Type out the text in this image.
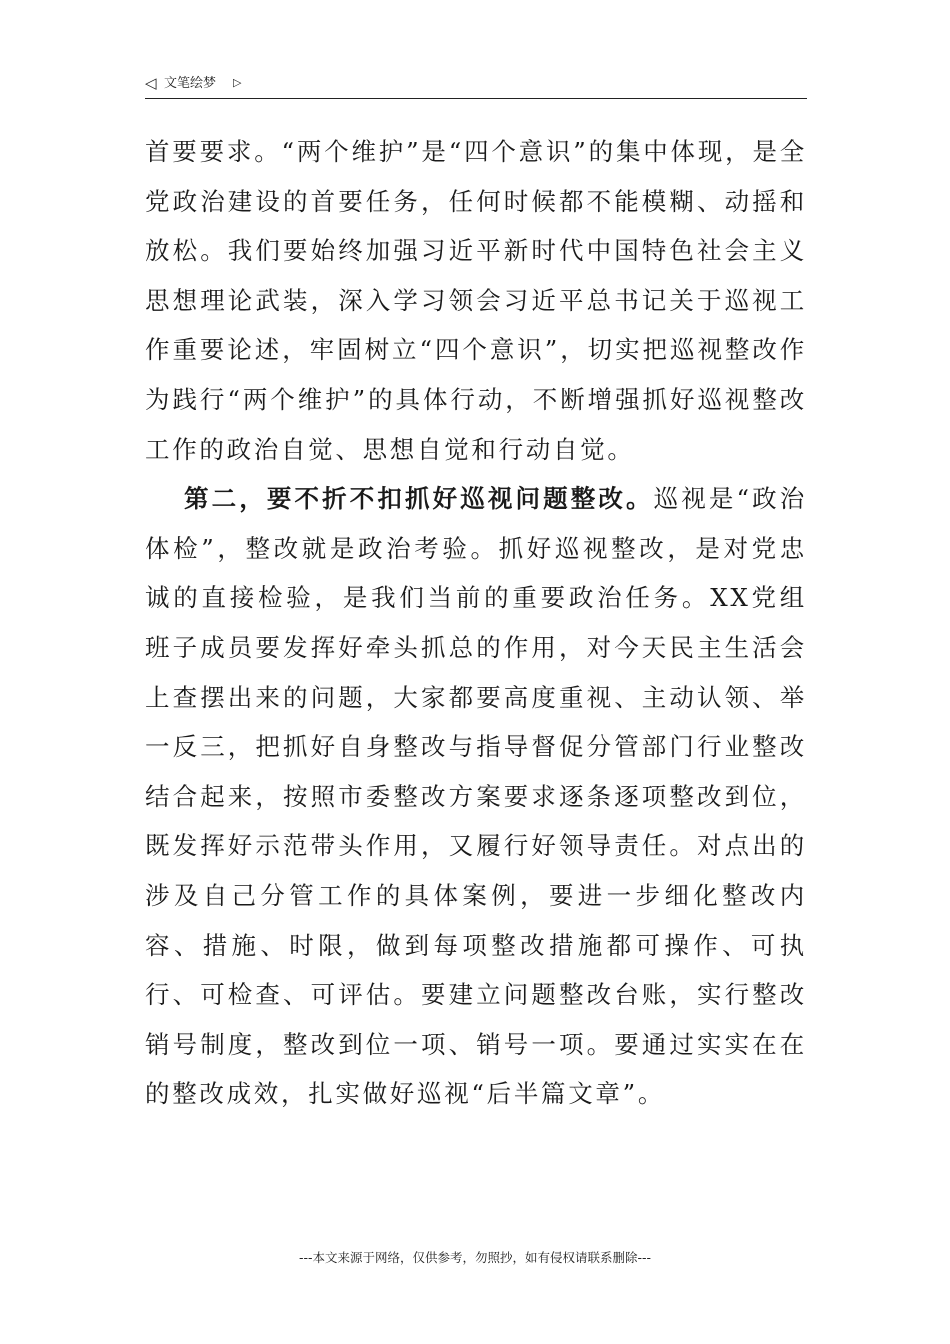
◁ 文笔绘梦 ▷

首要要求。“两个维护”是“四个意识”的集中体现，是全党政治建设的首要任务，任何时候都不能模糊、动摇和放松。我们要始终加强习近平新时代中国特色社会主义思想理论武装，深入学习领会习近平总书记关于巡视工作重要论述，牢固树立“四个意识”，切实把巡视整改作为践行“两个维护”的具体行动，不断增强抓好巡视整改工作的政治自觉、思想自觉和行动自觉。

第二，要不折不扣抓好巡视问题整改。巡视是“政治体检”，整改就是政治考验。抓好巡视整改，是对党忠诚的直接检验，是我们当前的重要政治任务。XX党组班子成员要发挥好牵头抓总的作用，对今天民主生活会上查摆出来的问题，大家都要高度重视、主动认领、举一反三，把抓好自身整改与指导督促分管部门行业整改结合起来，按照市委整改方案要求逐条逐项整改到位，既发挥好示范带头作用，又履行好领导责任。对点出的涉及自己分管工作的具体案例，要进一步细化整改内容、措施、时限，做到每项整改措施都可操作、可执行、可检查、可评估。要建立问题整改台账，实行整改销号制度，整改到位一项、销号一项。要通过实实在在的整改成效，扎实做好巡视“后半篇文章”。

---本文来源于网络，仅供参考，勿照抄，如有侵权请联系删除---
